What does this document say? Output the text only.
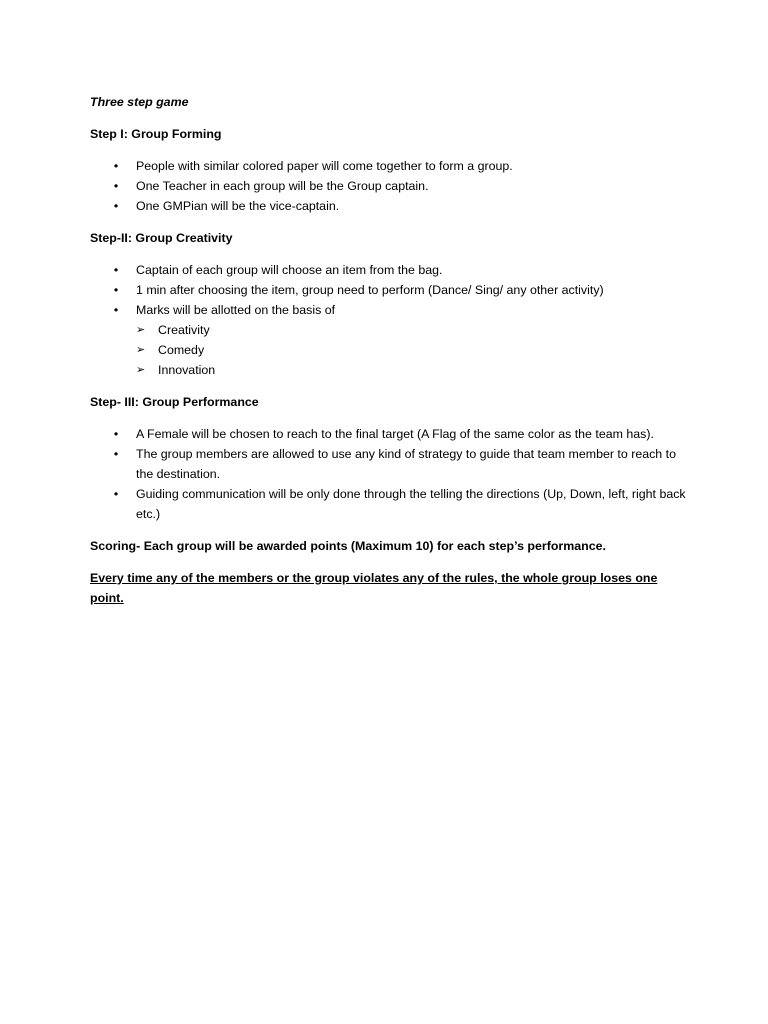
Three step game

Step I: Group Forming

•	People with similar colored paper will come together to form a group.
•	One Teacher in each group will be the Group captain.
•	One GMPian will be the vice-captain.

Step-II: Group Creativity

•	Captain of each group will choose an item from the bag.
•	1 min after choosing the item, group need to perform (Dance/ Sing/ any other activity)
•	Marks will be allotted on the basis of
➢	Creativity
➢	Comedy
➢	Innovation

Step- III: Group Performance

•	A Female will be chosen to reach to the final target (A Flag of the same color as the team has).
•	The group members are allowed to use any kind of strategy to guide that team member to reach to the destination.
•	Guiding communication will be only done through the telling the directions (Up, Down, left, right back etc.)

Scoring- Each group will be awarded points (Maximum 10) for each step’s performance.

Every time any of the members or the group violates any of the rules, the whole group loses one point.
